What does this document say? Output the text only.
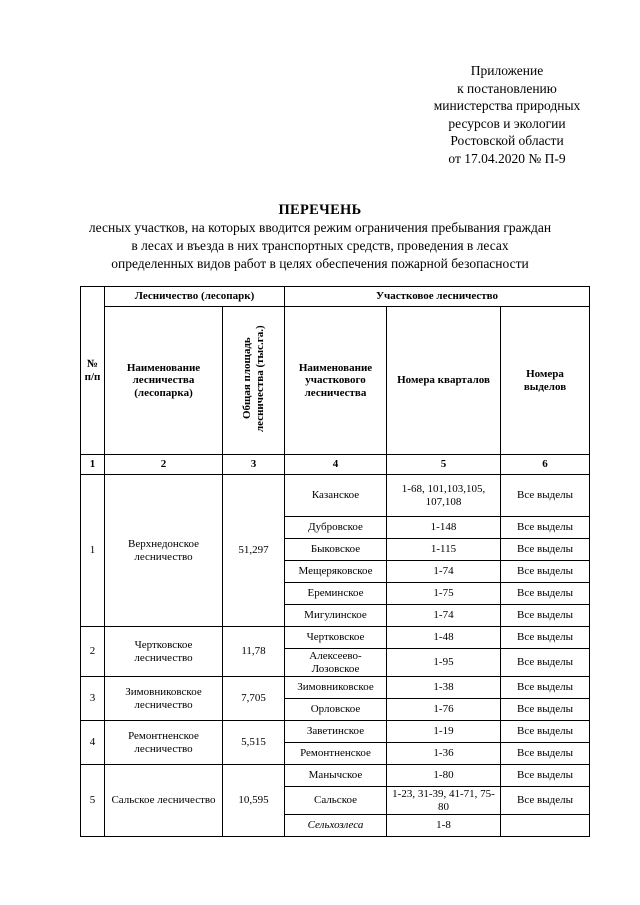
Приложение
к постановлению
министерства природных
ресурсов и экологии
Ростовской области
от 17.04.2020 № П-9
ПЕРЕЧЕНЬ
лесных участков, на которых вводится режим ограничения пребывания граждан
в лесах и въезда в них транспортных средств, проведения в лесах
определенных видов работ в целях обеспечения пожарной безопасности
№ п/п	Лесничество (лесопарк)		Участковое лесничество		
	Наименование лесничества (лесопарка)	Общая площадь лесничества (тыс.га.)	Наименование участкового лесничества	Номера кварталов	Номера выделов
1	2	3	4	5	6
1	Верхнедонское лесничество	51,297	Казанское	1-68, 101,103,105, 107,108	Все выделы
			Дубровское	1-148	Все выделы
			Быковское	1-115	Все выделы
			Мещеряковское	1-74	Все выделы
			Ереминское	1-75	Все выделы
			Мигулинское	1-74	Все выделы
2	Чертковское лесничество	11,78	Чертковское	1-48	Все выделы
			Алексеево-Лозовское	1-95	Все выделы
3	Зимовниковское лесничество	7,705	Зимовниковское	1-38	Все выделы
			Орловское	1-76	Все выделы
4	Ремонтненское лесничество	5,515	Заветинское	1-19	Все выделы
			Ремонтненское	1-36	Все выделы
5	Сальское лесничество	10,595	Манычское	1-80	Все выделы
			Сальское	1-23, 31-39, 41-71, 75-80	Все выделы
			Сельхозлеса	1-8	
